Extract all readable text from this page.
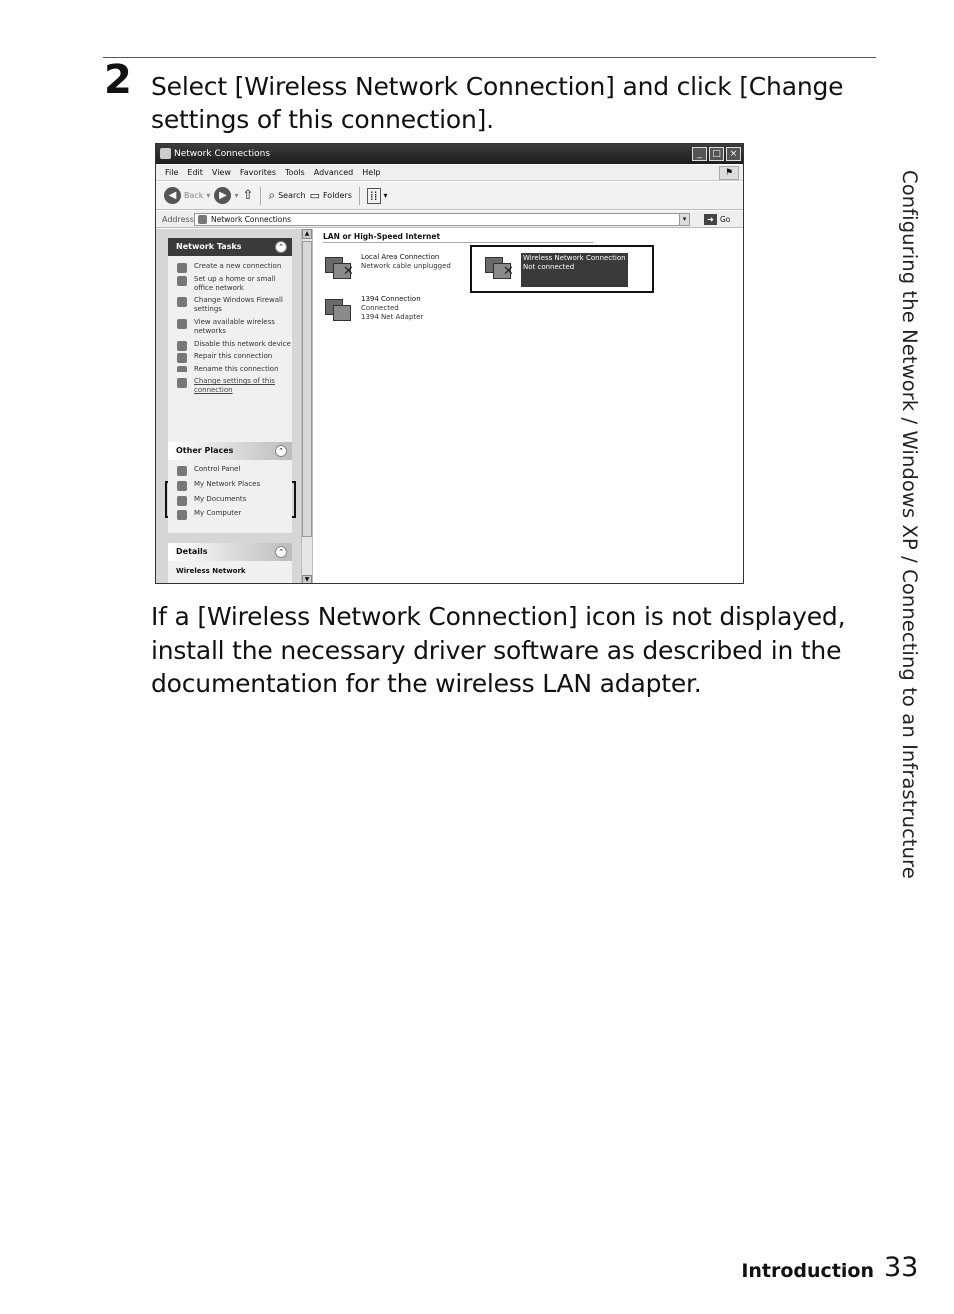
2 Select [Wireless Network Connection] and click [Change settings of this connection].
Network Connections	_	□ ×
File Edit View Favorites Tools Advanced Help	⚑
◀ Back ▾ ▶ ▾ ⇧ ⌕ Search ▭ Folders ⁞⁞ ▾
Address	Network Connections	▾	➜ Go
Network Tasks	⌃
Create a new connection
Set up a home or small office network
Change Windows Firewall settings
View available wireless networks
Disable this network device
Repair this connection
Rename this connection
Change settings of this connection
Other Places	⌃
Control Panel
My Network Places
My Documents
My Computer
Details	⌃
Wireless Network
▲
▼
LAN or High-Speed Internet
✕
Local Area Connection
Network cable unplugged	✕
Wireless Network Connection
Not connected
1394 Connection
Connected
1394 Net Adapter
If a [Wireless Network Connection] icon is not displayed, install the necessary driver software as described in the documentation for the wireless LAN adapter.	Configuring the Network / Windows XP / Connecting to an Infrastructure
Introduction 33
